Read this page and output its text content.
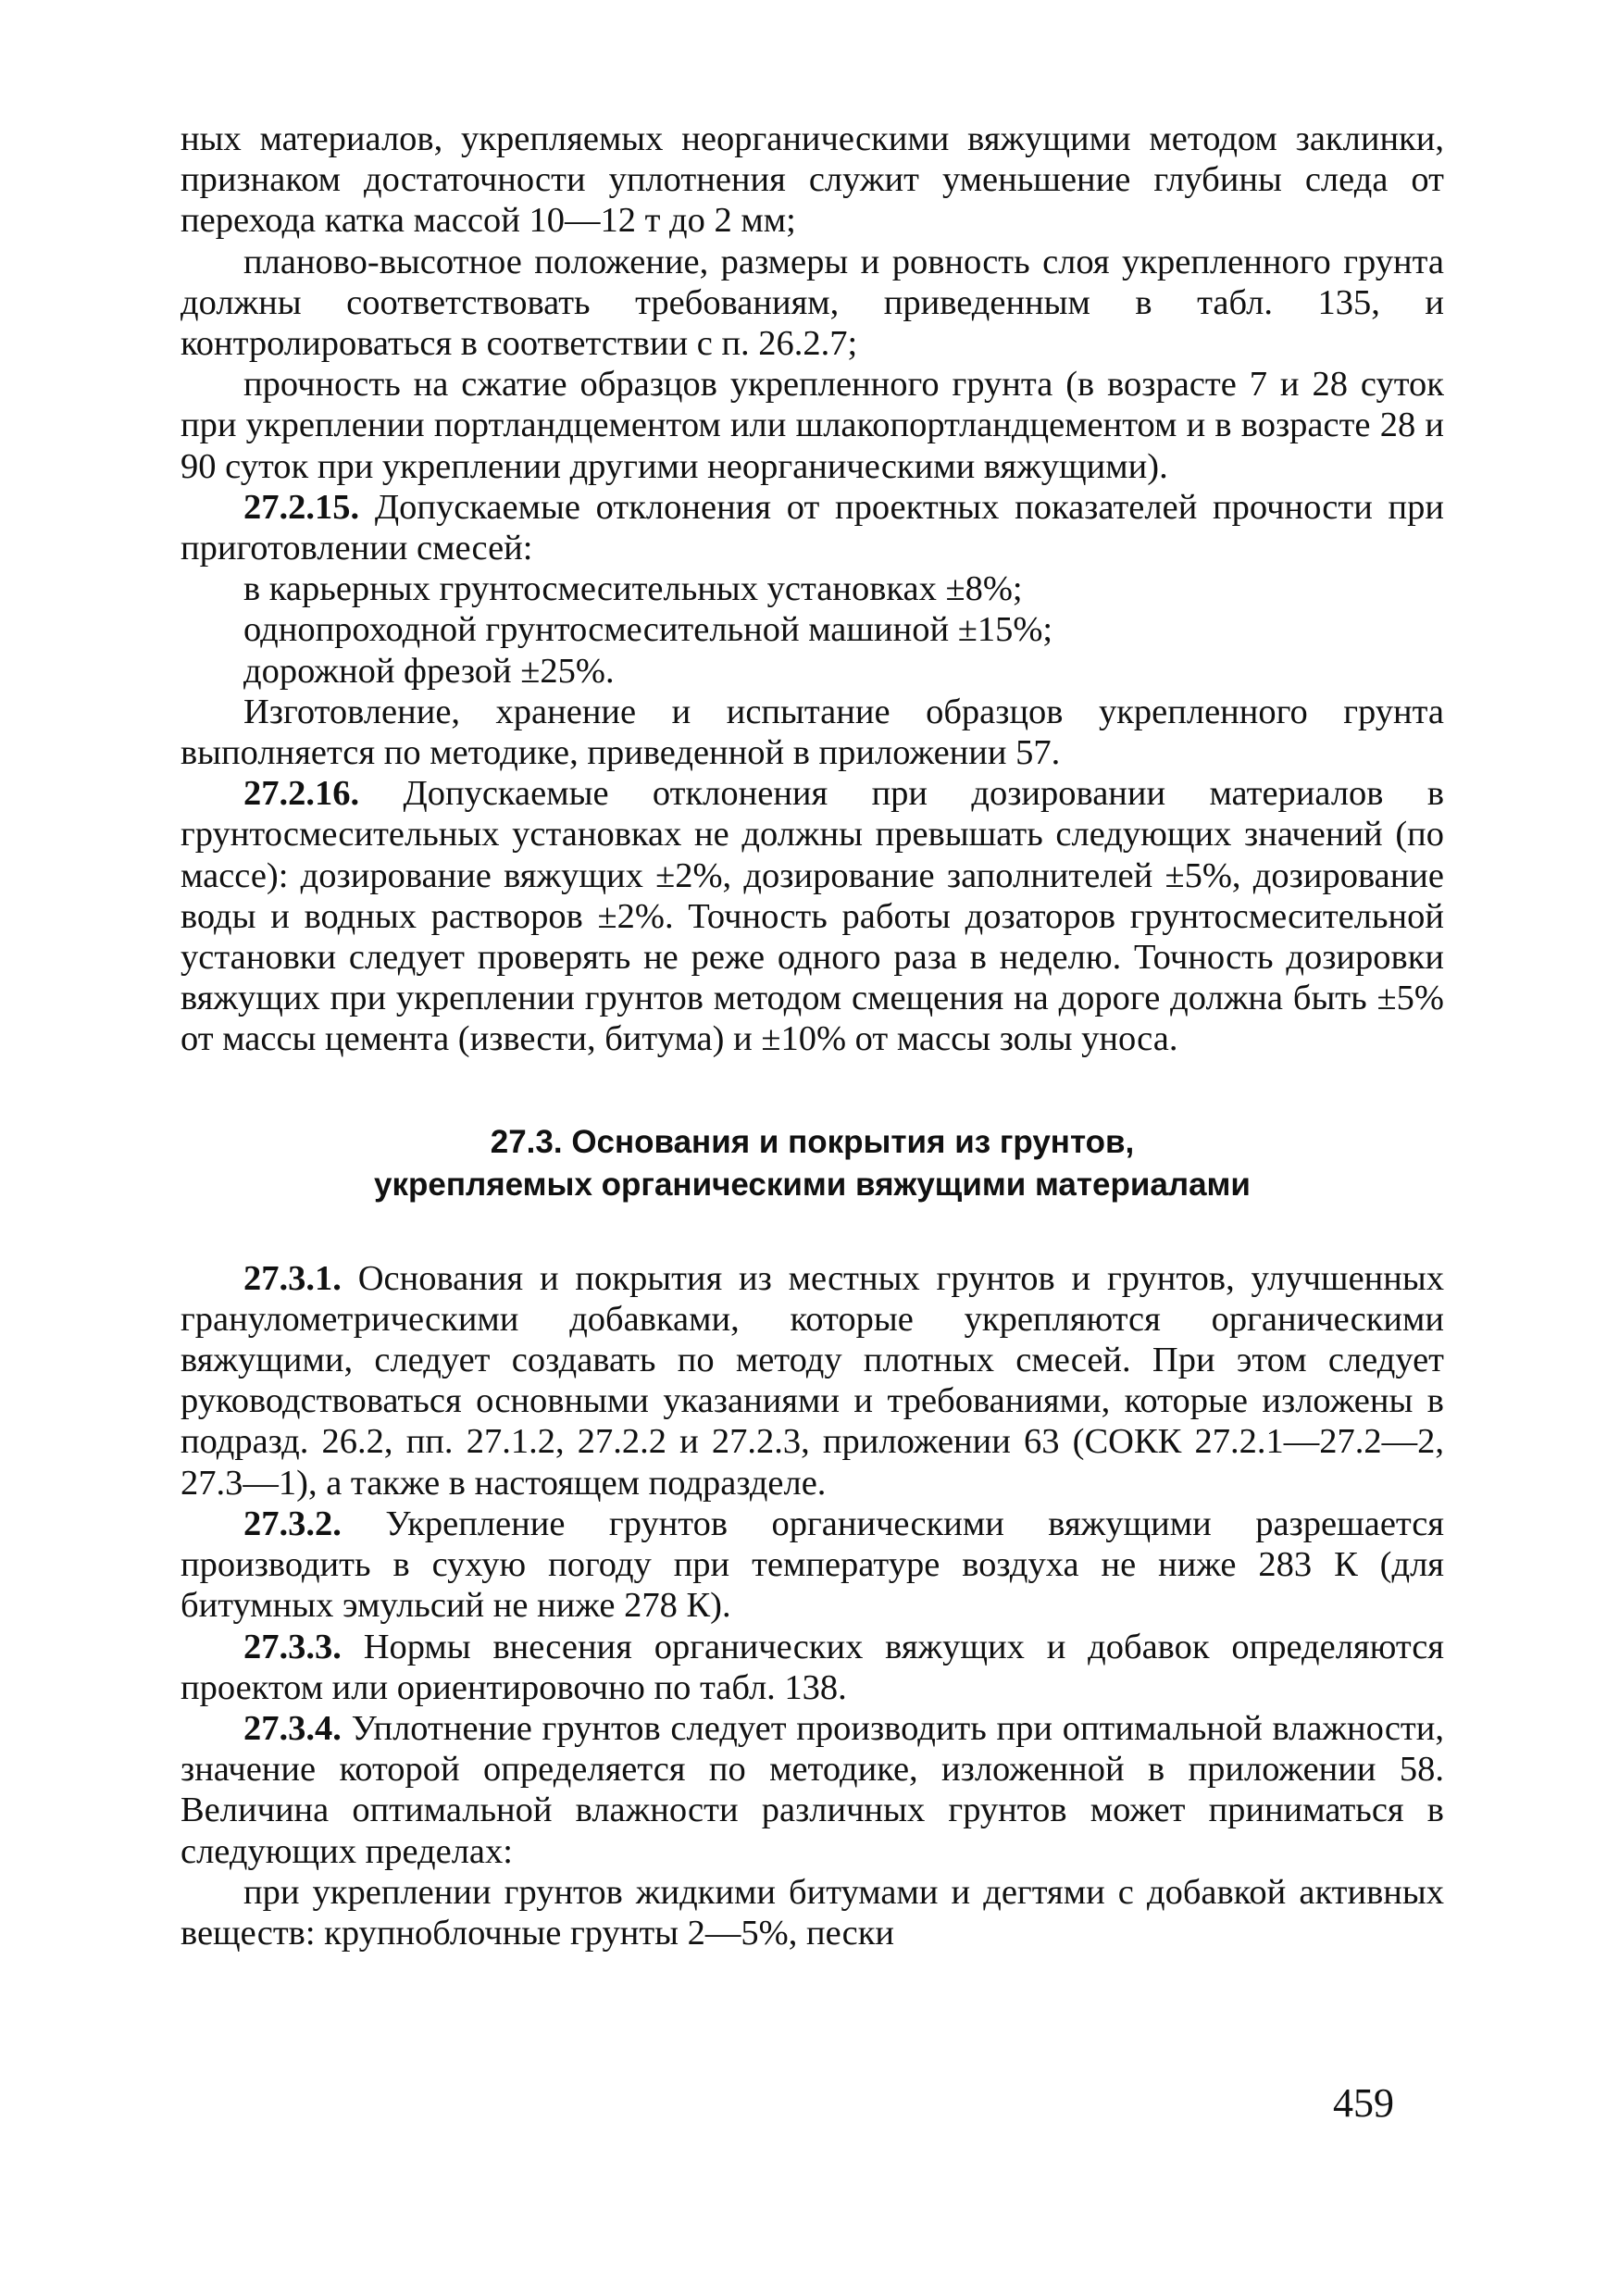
ных материалов, укрепляемых неорганическими вяжущими методом заклинки, признаком достаточности уплотнения служит уменьшение глубины следа от перехода катка массой 10—12 т до 2 мм;

планово-высотное положение, размеры и ровность слоя укрепленного грунта должны соответствовать требованиям, приведенным в табл. 135, и контролироваться в соответствии с п. 26.2.7;

прочность на сжатие образцов укрепленного грунта (в возрасте 7 и 28 суток при укреплении портландцементом или шлакопортландцементом и в возрасте 28 и 90 суток при укреплении другими неорганическими вяжущими).

27.2.15. Допускаемые отклонения от проектных показателей прочности при приготовлении смесей:

в карьерных грунтосмесительных установках ±8%;

однопроходной грунтосмесительной машиной ±15%;

дорожной фрезой ±25%.

Изготовление, хранение и испытание образцов укрепленного грунта выполняется по методике, приведенной в приложении 57.

27.2.16. Допускаемые отклонения при дозировании материалов в грунтосмесительных установках не должны превышать следующих значений (по массе): дозирование вяжущих ±2%, дозирование заполнителей ±5%, дозирование воды и водных растворов ±2%. Точность работы дозаторов грунтосмесительной установки следует проверять не реже одного раза в неделю. Точность дозировки вяжущих при укреплении грунтов методом смещения на дороге должна быть ±5% от массы цемента (извести, битума) и ±10% от массы золы уноса.

27.3. Основания и покрытия из грунтов,
укрепляемых органическими вяжущими материалами

27.3.1. Основания и покрытия из местных грунтов и грунтов, улучшенных гранулометрическими добавками, которые укрепляются органическими вяжущими, следует создавать по методу плотных смесей. При этом следует руководствоваться основными указаниями и требованиями, которые изложены в подразд. 26.2, пп. 27.1.2, 27.2.2 и 27.2.3, приложении 63 (СОКК 27.2.1—27.2—2, 27.3—1), а также в настоящем подразделе.

27.3.2. Укрепление грунтов органическими вяжущими разрешается производить в сухую погоду при температуре воздуха не ниже 283 К (для битумных эмульсий не ниже 278 К).

27.3.3. Нормы внесения органических вяжущих и добавок определяются проектом или ориентировочно по табл. 138.

27.3.4. Уплотнение грунтов следует производить при оптимальной влажности, значение которой определяется по методике, изложенной в приложении 58. Величина оптимальной влажности различных грунтов может приниматься в следующих пределах:

при укреплении грунтов жидкими битумами и дегтями с добавкой активных веществ: крупноблочные грунты 2—5%, пески

459
